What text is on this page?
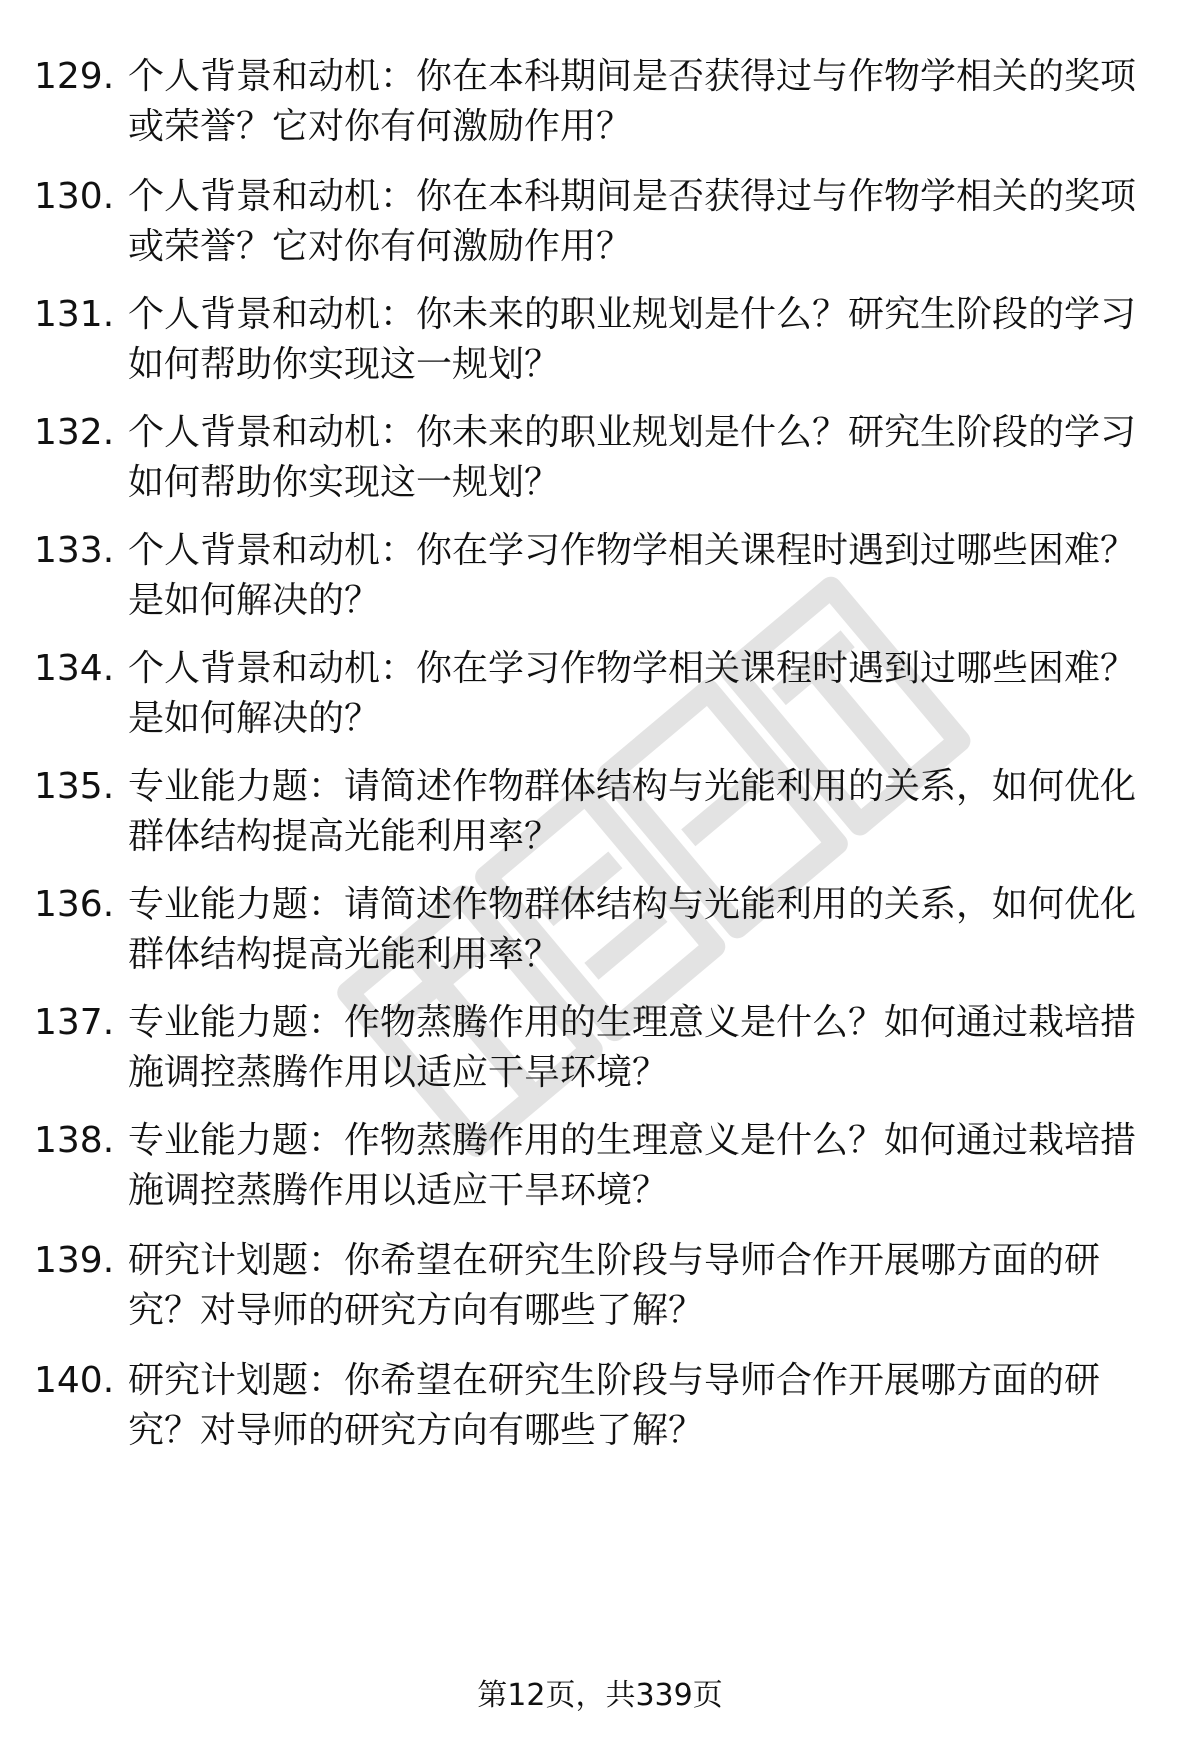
129. 个人背景和动机：你在本科期间是否获得过与作物学相关的奖项
或荣誉？它对你有何激励作用？
130. 个人背景和动机：你在本科期间是否获得过与作物学相关的奖项
或荣誉？它对你有何激励作用？
131. 个人背景和动机：你未来的职业规划是什么？研究生阶段的学习
如何帮助你实现这一规划？
132. 个人背景和动机：你未来的职业规划是什么？研究生阶段的学习
如何帮助你实现这一规划？
133. 个人背景和动机：你在学习作物学相关课程时遇到过哪些困难？
是如何解决的？
134. 个人背景和动机：你在学习作物学相关课程时遇到过哪些困难？
是如何解决的？
135. 专业能力题：请简述作物群体结构与光能利用的关系，如何优化
群体结构提高光能利用率？
136. 专业能力题：请简述作物群体结构与光能利用的关系，如何优化
群体结构提高光能利用率？
137. 专业能力题：作物蒸腾作用的生理意义是什么？如何通过栽培措
施调控蒸腾作用以适应干旱环境？
138. 专业能力题：作物蒸腾作用的生理意义是什么？如何通过栽培措
施调控蒸腾作用以适应干旱环境？
139. 研究计划题：你希望在研究生阶段与导师合作开展哪方面的研
究？对导师的研究方向有哪些了解？
140. 研究计划题：你希望在研究生阶段与导师合作开展哪方面的研
究？对导师的研究方向有哪些了解？
第12页，共339页
